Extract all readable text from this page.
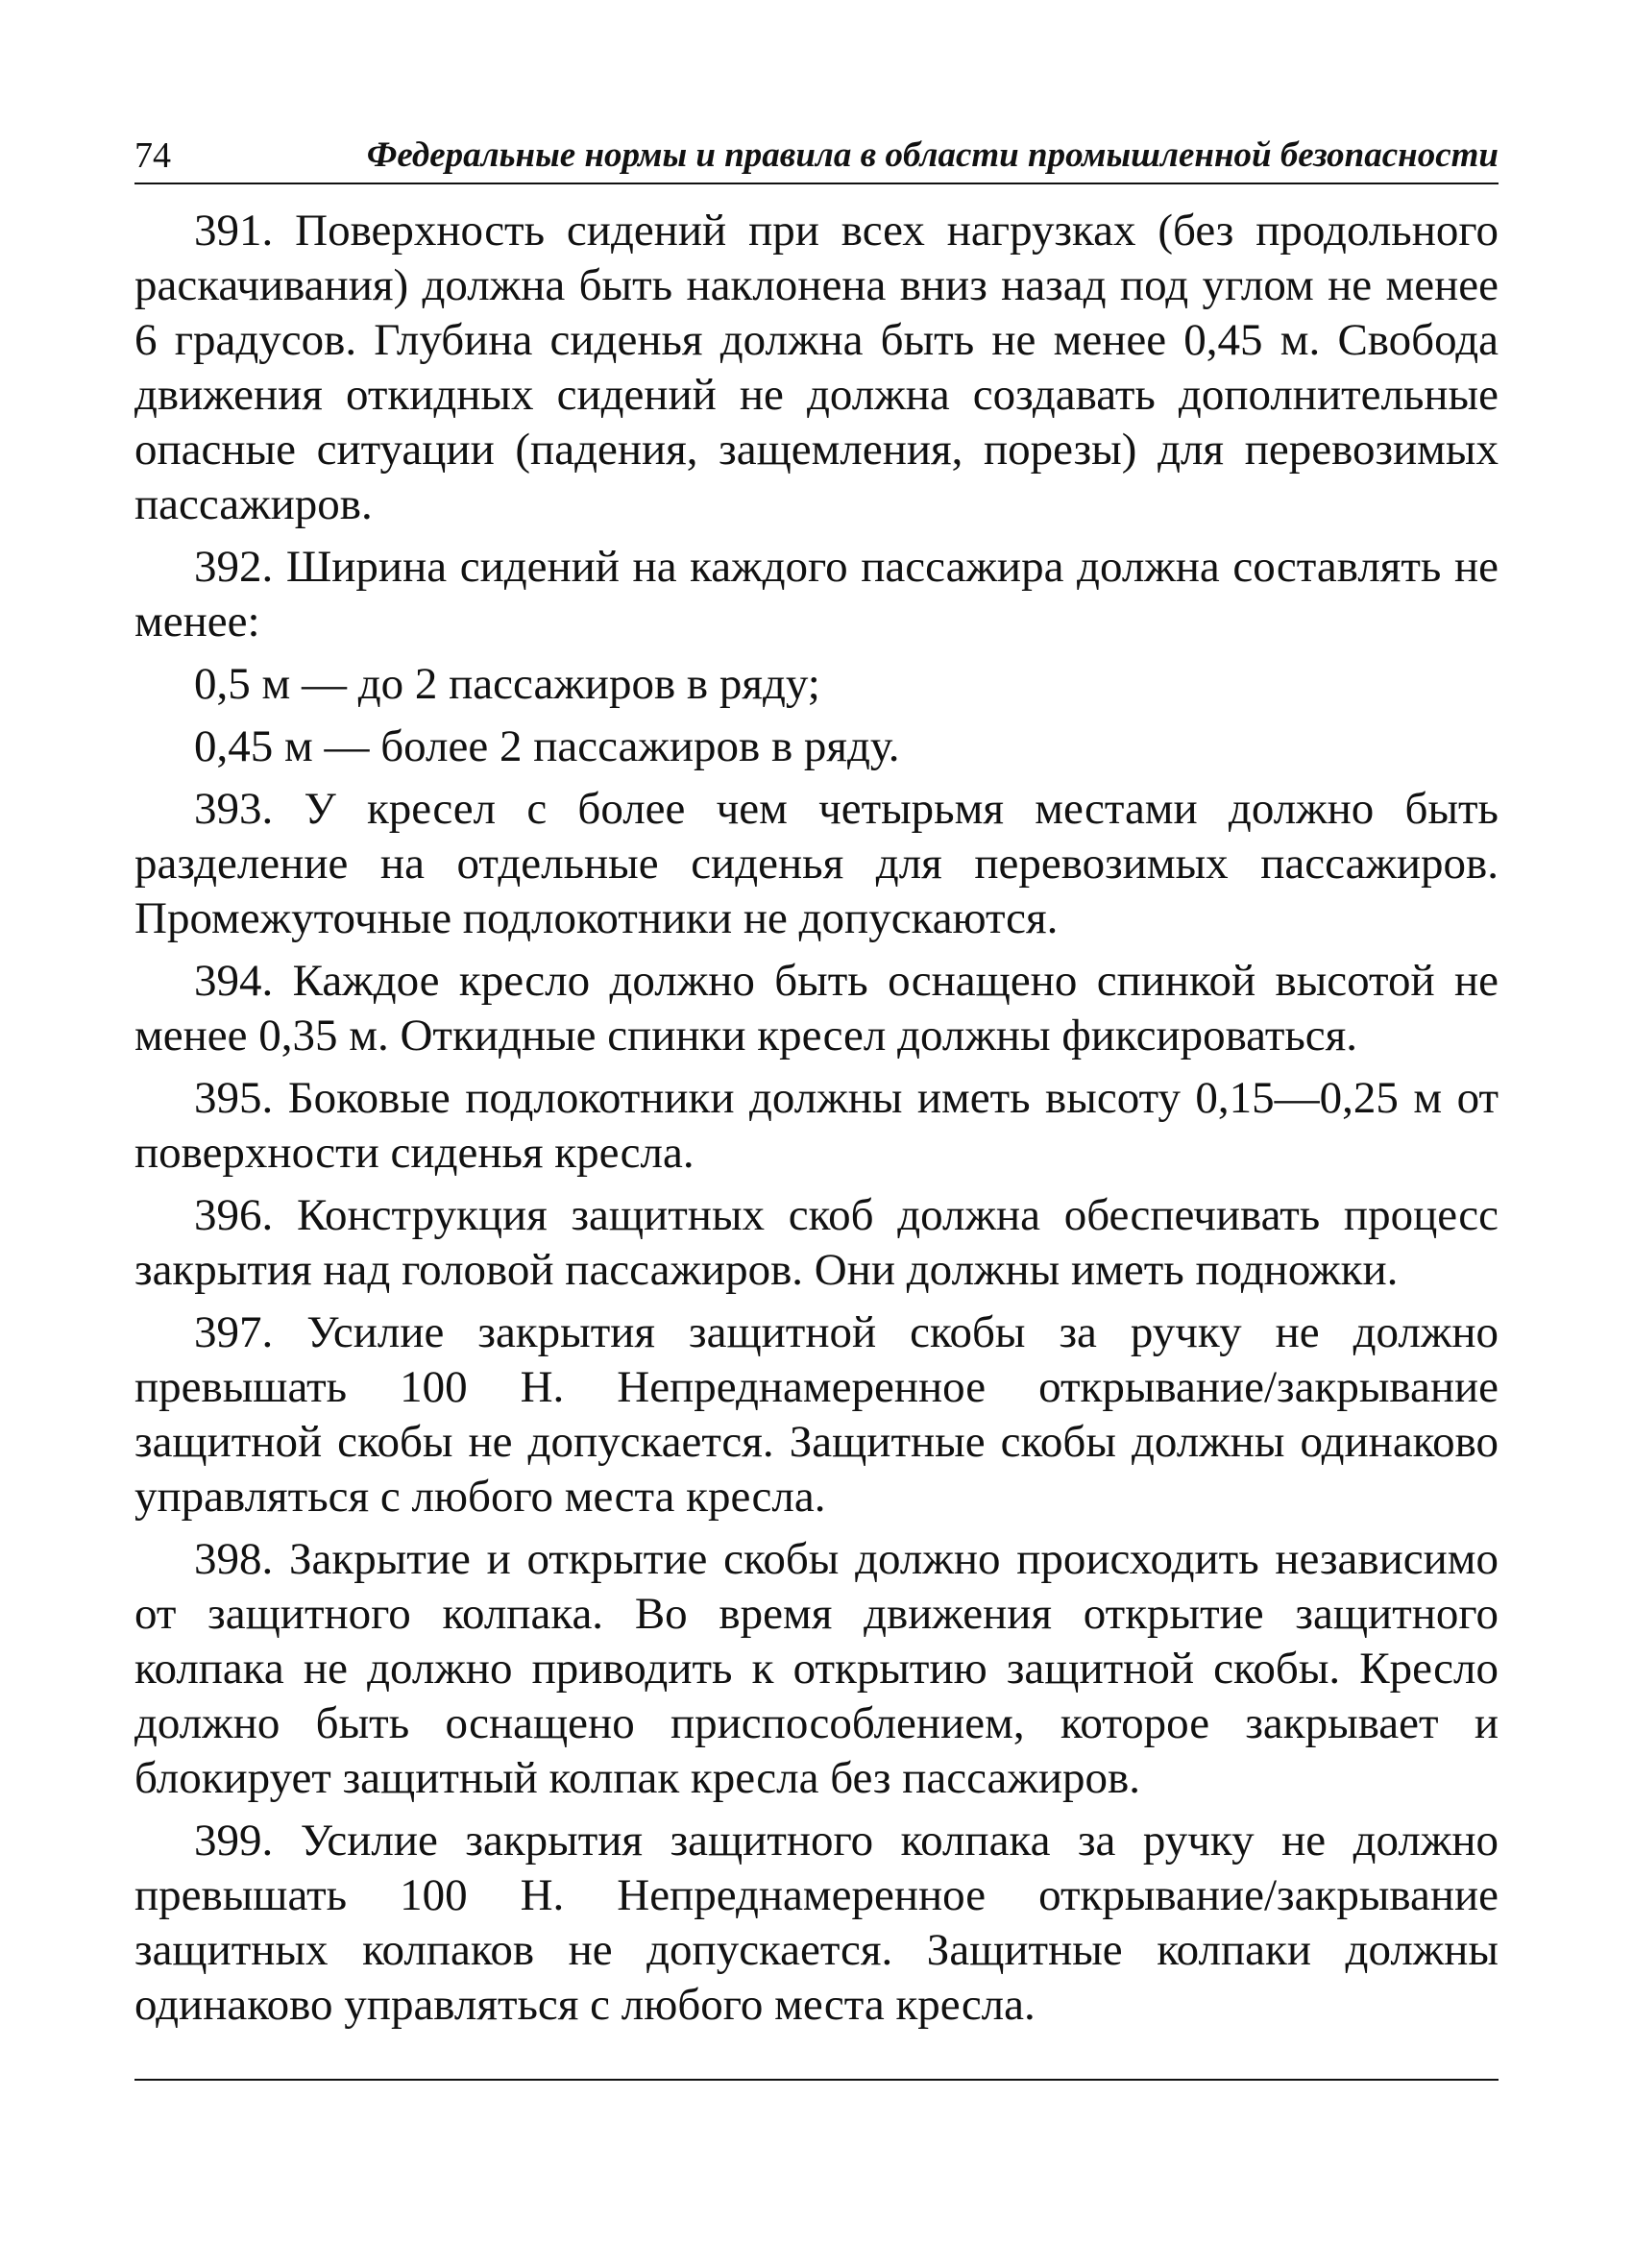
74	Федеральные нормы и правила в области промышленной безопасности

391. Поверхность сидений при всех нагрузках (без продольного раскачивания) должна быть наклонена вниз назад под углом не менее 6 градусов. Глубина сиденья должна быть не менее 0,45 м. Свобода движения откидных сидений не должна создавать дополнительные опасные ситуации (падения, защемления, порезы) для перевозимых пассажиров.

392. Ширина сидений на каждого пассажира должна составлять не менее:

0,5 м — до 2 пассажиров в ряду;

0,45 м — более 2 пассажиров в ряду.

393. У кресел с более чем четырьмя местами должно быть разделение на отдельные сиденья для перевозимых пассажиров. Промежуточные подлокотники не допускаются.

394. Каждое кресло должно быть оснащено спинкой высотой не менее 0,35 м. Откидные спинки кресел должны фиксироваться.

395. Боковые подлокотники должны иметь высоту 0,15—0,25 м от поверхности сиденья кресла.

396. Конструкция защитных скоб должна обеспечивать процесс закрытия над головой пассажиров. Они должны иметь подножки.

397. Усилие закрытия защитной скобы за ручку не должно превышать 100 Н. Непреднамеренное открывание/закрывание защитной скобы не допускается. Защитные скобы должны одинаково управляться с любого места кресла.

398. Закрытие и открытие скобы должно происходить независимо от защитного колпака. Во время движения открытие защитного колпака не должно приводить к открытию защитной скобы. Кресло должно быть оснащено приспособлением, которое закрывает и блокирует защитный колпак кресла без пассажиров.

399. Усилие закрытия защитного колпака за ручку не должно превышать 100 Н. Непреднамеренное открывание/закрывание защитных колпаков не допускается. Защитные колпаки должны одинаково управляться с любого места кресла.
